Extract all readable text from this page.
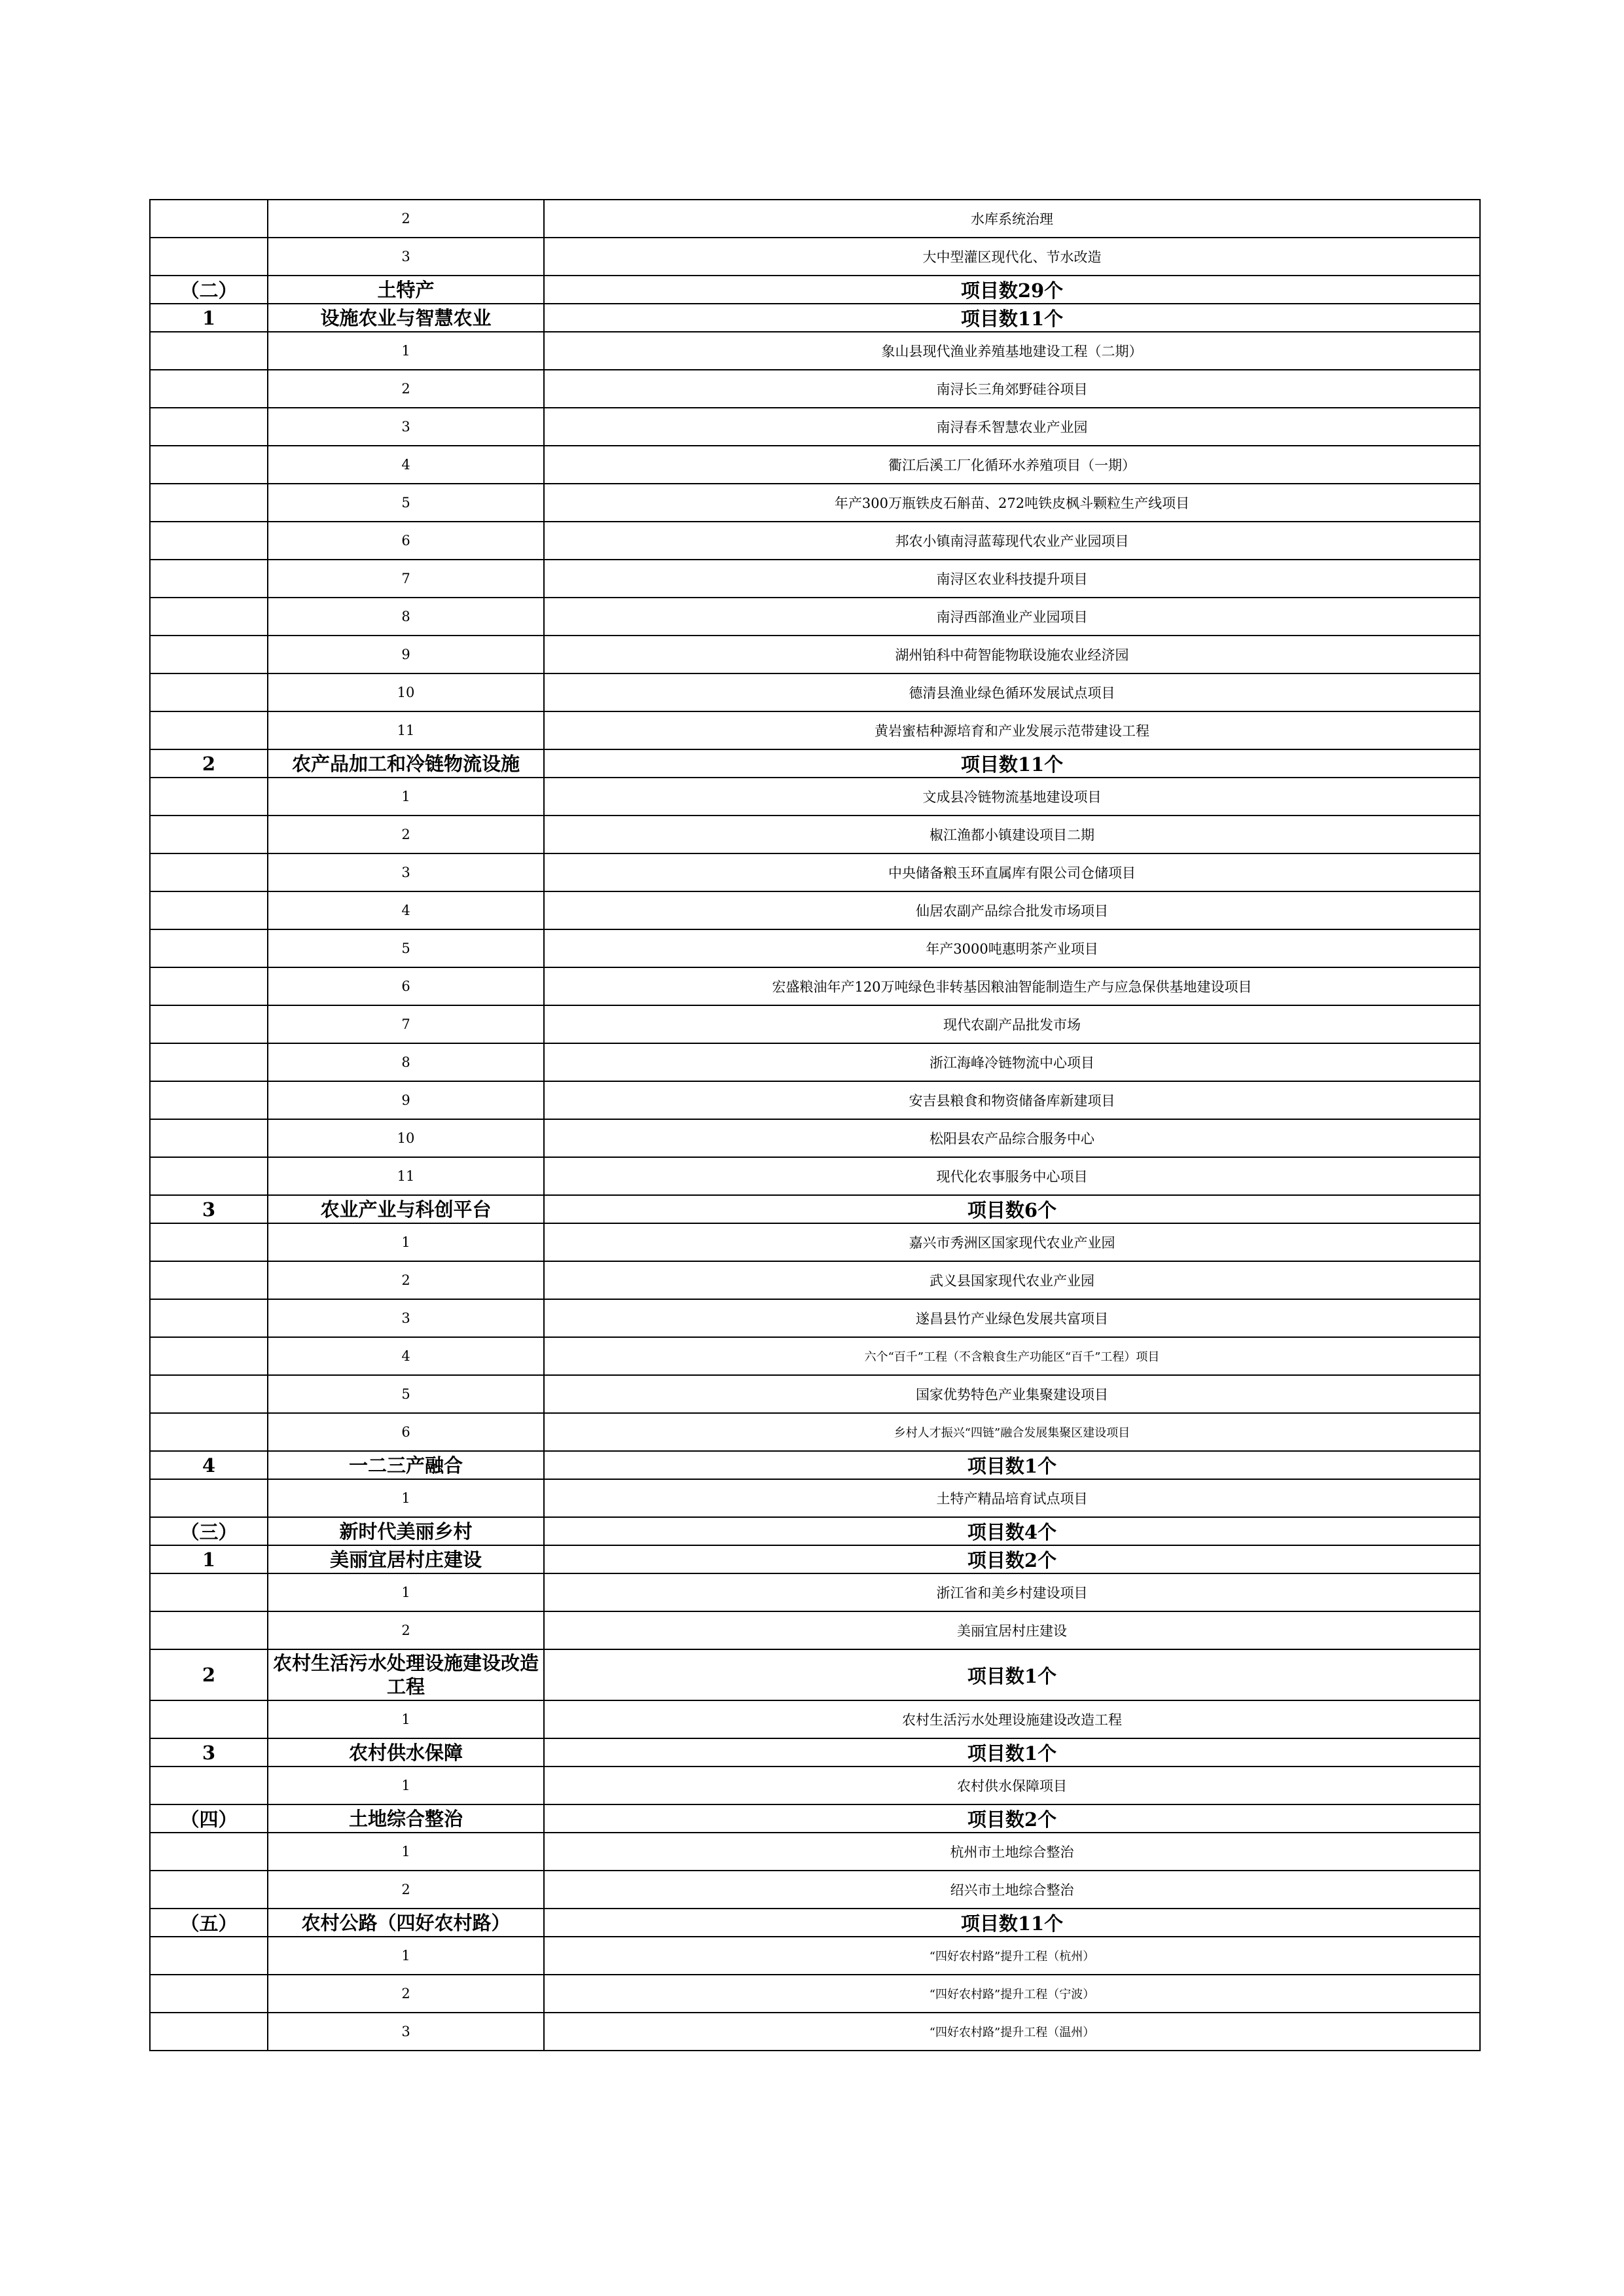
	2	水库系统治理
	3	大中型灌区现代化、节水改造
（二）	土特产	项目数29个
1	设施农业与智慧农业	项目数11个
	1	象山县现代渔业养殖基地建设工程（二期）
	2	南浔长三角郊野硅谷项目
	3	南浔春禾智慧农业产业园
	4	衢江后溪工厂化循环水养殖项目（一期）
	5	年产300万瓶铁皮石斛苗、272吨铁皮枫斗颗粒生产线项目
	6	邦农小镇南浔蓝莓现代农业产业园项目
	7	南浔区农业科技提升项目
	8	南浔西部渔业产业园项目
	9	湖州铂科中荷智能物联设施农业经济园
	10	德清县渔业绿色循环发展试点项目
	11	黄岩蜜桔种源培育和产业发展示范带建设工程
2	农产品加工和冷链物流设施	项目数11个
	1	文成县冷链物流基地建设项目
	2	椒江渔都小镇建设项目二期
	3	中央储备粮玉环直属库有限公司仓储项目
	4	仙居农副产品综合批发市场项目
	5	年产3000吨惠明茶产业项目
	6	宏盛粮油年产120万吨绿色非转基因粮油智能制造生产与应急保供基地建设项目
	7	现代农副产品批发市场
	8	浙江海峰冷链物流中心项目
	9	安吉县粮食和物资储备库新建项目
	10	松阳县农产品综合服务中心
	11	现代化农事服务中心项目
3	农业产业与科创平台	项目数6个
	1	嘉兴市秀洲区国家现代农业产业园
	2	武义县国家现代农业产业园
	3	遂昌县竹产业绿色发展共富项目
	4	六个“百千”工程（不含粮食生产功能区“百千”工程）项目
	5	国家优势特色产业集聚建设项目
	6	乡村人才振兴“四链”融合发展集聚区建设项目
4	一二三产融合	项目数1个
	1	土特产精品培育试点项目
（三）	新时代美丽乡村	项目数4个
1	美丽宜居村庄建设	项目数2个
	1	浙江省和美乡村建设项目
	2	美丽宜居村庄建设
2	农村生活污水处理设施建设改造工程	项目数1个
	1	农村生活污水处理设施建设改造工程
3	农村供水保障	项目数1个
	1	农村供水保障项目
（四）	土地综合整治	项目数2个
	1	杭州市土地综合整治
	2	绍兴市土地综合整治
（五）	农村公路（四好农村路）	项目数11个
	1	“四好农村路”提升工程（杭州）
	2	“四好农村路”提升工程（宁波）
	3	“四好农村路”提升工程（温州）
